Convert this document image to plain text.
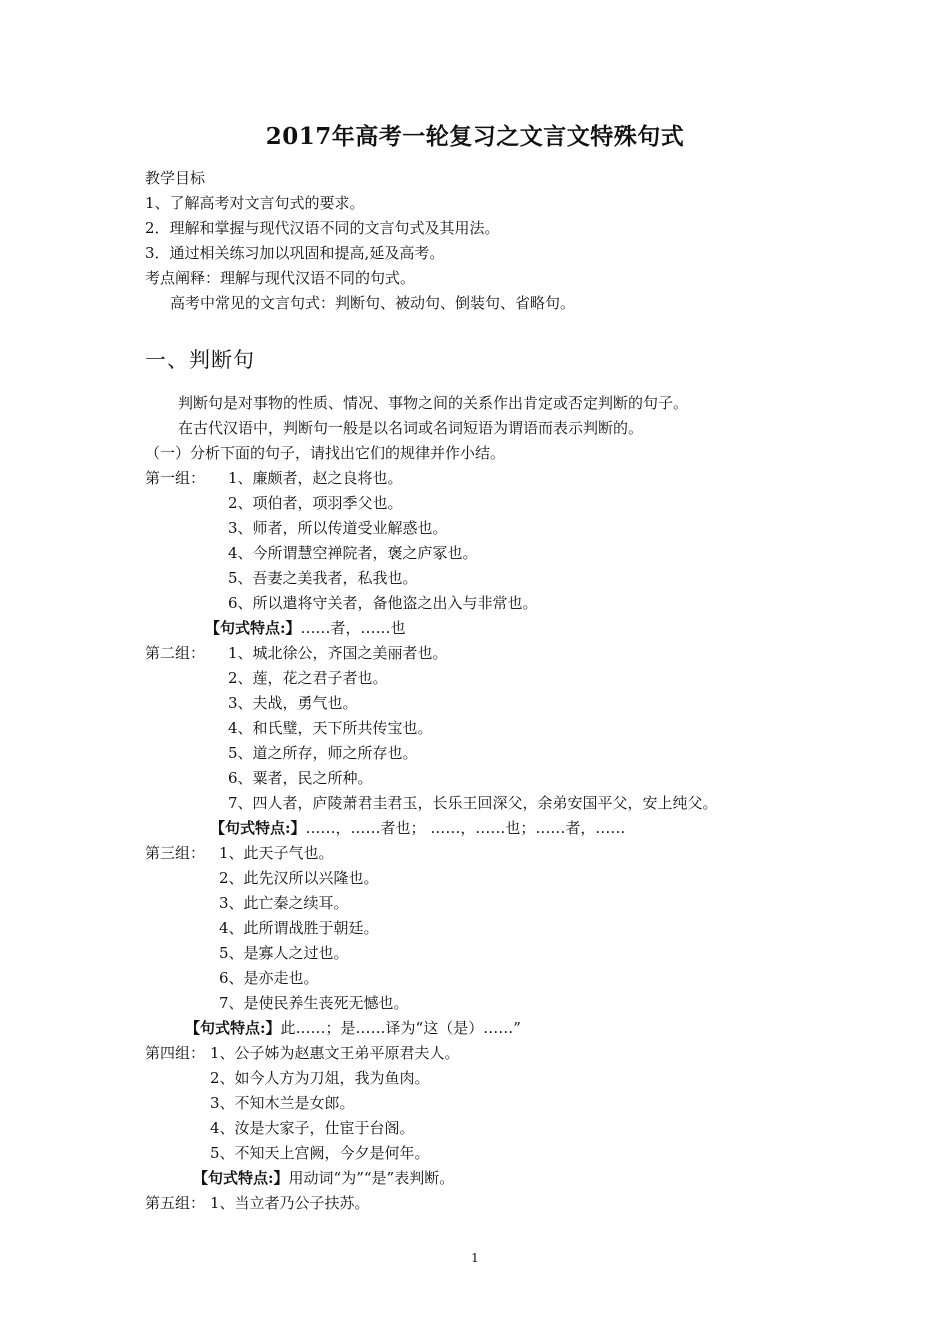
2017年高考一轮复习之文言文特殊句式
教学目标
1、了解高考对文言句式的要求。
2．理解和掌握与现代汉语不同的文言句式及其用法。
3．通过相关练习加以巩固和提高,延及高考。
考点阐释：理解与现代汉语不同的句式。
高考中常见的文言句式：判断句、被动句、倒装句、省略句。
一、判断句
判断句是对事物的性质、情况、事物之间的关系作出肯定或否定判断的句子。
在古代汉语中，判断句一般是以名词或名词短语为谓语而表示判断的。
（一）分析下面的句子，请找出它们的规律并作小结。
第一组： 1、廉颇者，赵之良将也。
2、项伯者，项羽季父也。
3、师者，所以传道受业解惑也。
4、今所谓慧空禅院者，褒之庐冢也。
5、吾妻之美我者，私我也。
6、所以遣将守关者，备他盗之出入与非常也。
【句式特点:】……者，……也
第二组： 1、城北徐公，齐国之美丽者也。
2、莲，花之君子者也。
3、夫战，勇气也。
4、和氏璧，天下所共传宝也。
5、道之所存，师之所存也。
6、粟者，民之所种。
7、四人者，庐陵萧君圭君玉，长乐王回深父，余弟安国平父，安上纯父。
【句式特点:】……，……者也； ……，……也；……者，……
第三组： 1、此天子气也。
2、此先汉所以兴隆也。
3、此亡秦之续耳。
4、此所谓战胜于朝廷。
5、是寡人之过也。
6、是亦走也。
7、是使民养生丧死无憾也。
【句式特点:】此……；是……译为“这（是）……”
第四组： 1、公子姊为赵惠文王弟平原君夫人。
2、如今人方为刀俎，我为鱼肉。
3、不知木兰是女郎。
4、汝是大家子，仕宦于台阁。
5、不知天上宫阙，今夕是何年。
【句式特点:】用动词“为”“是”表判断。
第五组： 1、当立者乃公子扶苏。
1
